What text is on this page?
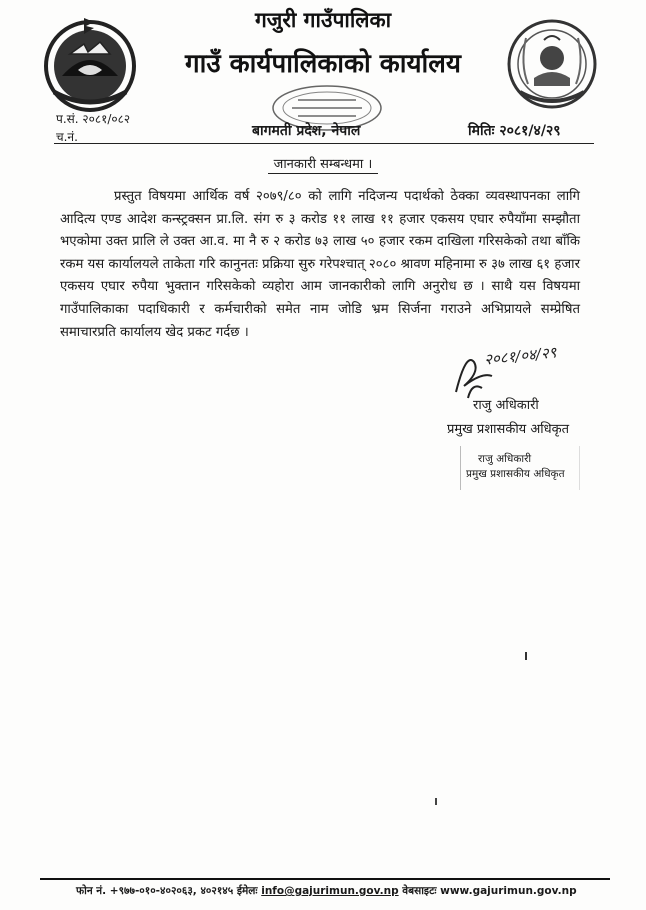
गजुरी गाउँपालिका
गाउँ कार्यपालिकाको कार्यालय
प.सं. २०८१/०८२
च.नं.	बागमती प्रदेश, नेपाल	मितिः २०८१/४/२९
जानकारी सम्बन्धमा ।

प्रस्तुत विषयमा आर्थिक वर्ष २०७९/८० को लागि नदिजन्य पदार्थको ठेक्का व्यवस्थापनका लागि आदित्य एण्ड आदेश कन्स्ट्रक्सन प्रा.लि. संग रु ३ करोड ११ लाख ११ हजार एकसय एघार रुपैयाँमा सम्झौता भएकोमा उक्त प्रालि ले उक्त आ.व. मा नै रु २ करोड ७३ लाख ५० हजार रकम दाखिला गरिसकेको तथा बाँकि रकम यस कार्यालयले ताकेता गरि कानुनतः प्रक्रिया सुरु गरेपश्चात् २०८० श्रावण महिनामा रु ३७ लाख ६१ हजार एकसय एघार रुपैया भुक्तान गरिसकेको व्यहोरा आम जानकारीको लागि अनुरोध छ । साथै यस विषयमा गाउँपालिकाका पदाधिकारी र कर्मचारीको समेत नाम जोडि भ्रम सिर्जना गराउने अभिप्रायले सम्प्रेषित समाचारप्रति कार्यालय खेद प्रकट गर्दछ ।

२०८१/०४/२९
राजु अधिकारी
प्रमुख प्रशासकीय अधिकृत
राजु अधिकारी
प्रमुख प्रशासकीय अधिकृत
फोन नं. +९७७-०१०-४०२०६३, ४०२१४५ ईमेलः info@gajurimun.gov.np वेबसाइटः www.gajurimun.gov.np
